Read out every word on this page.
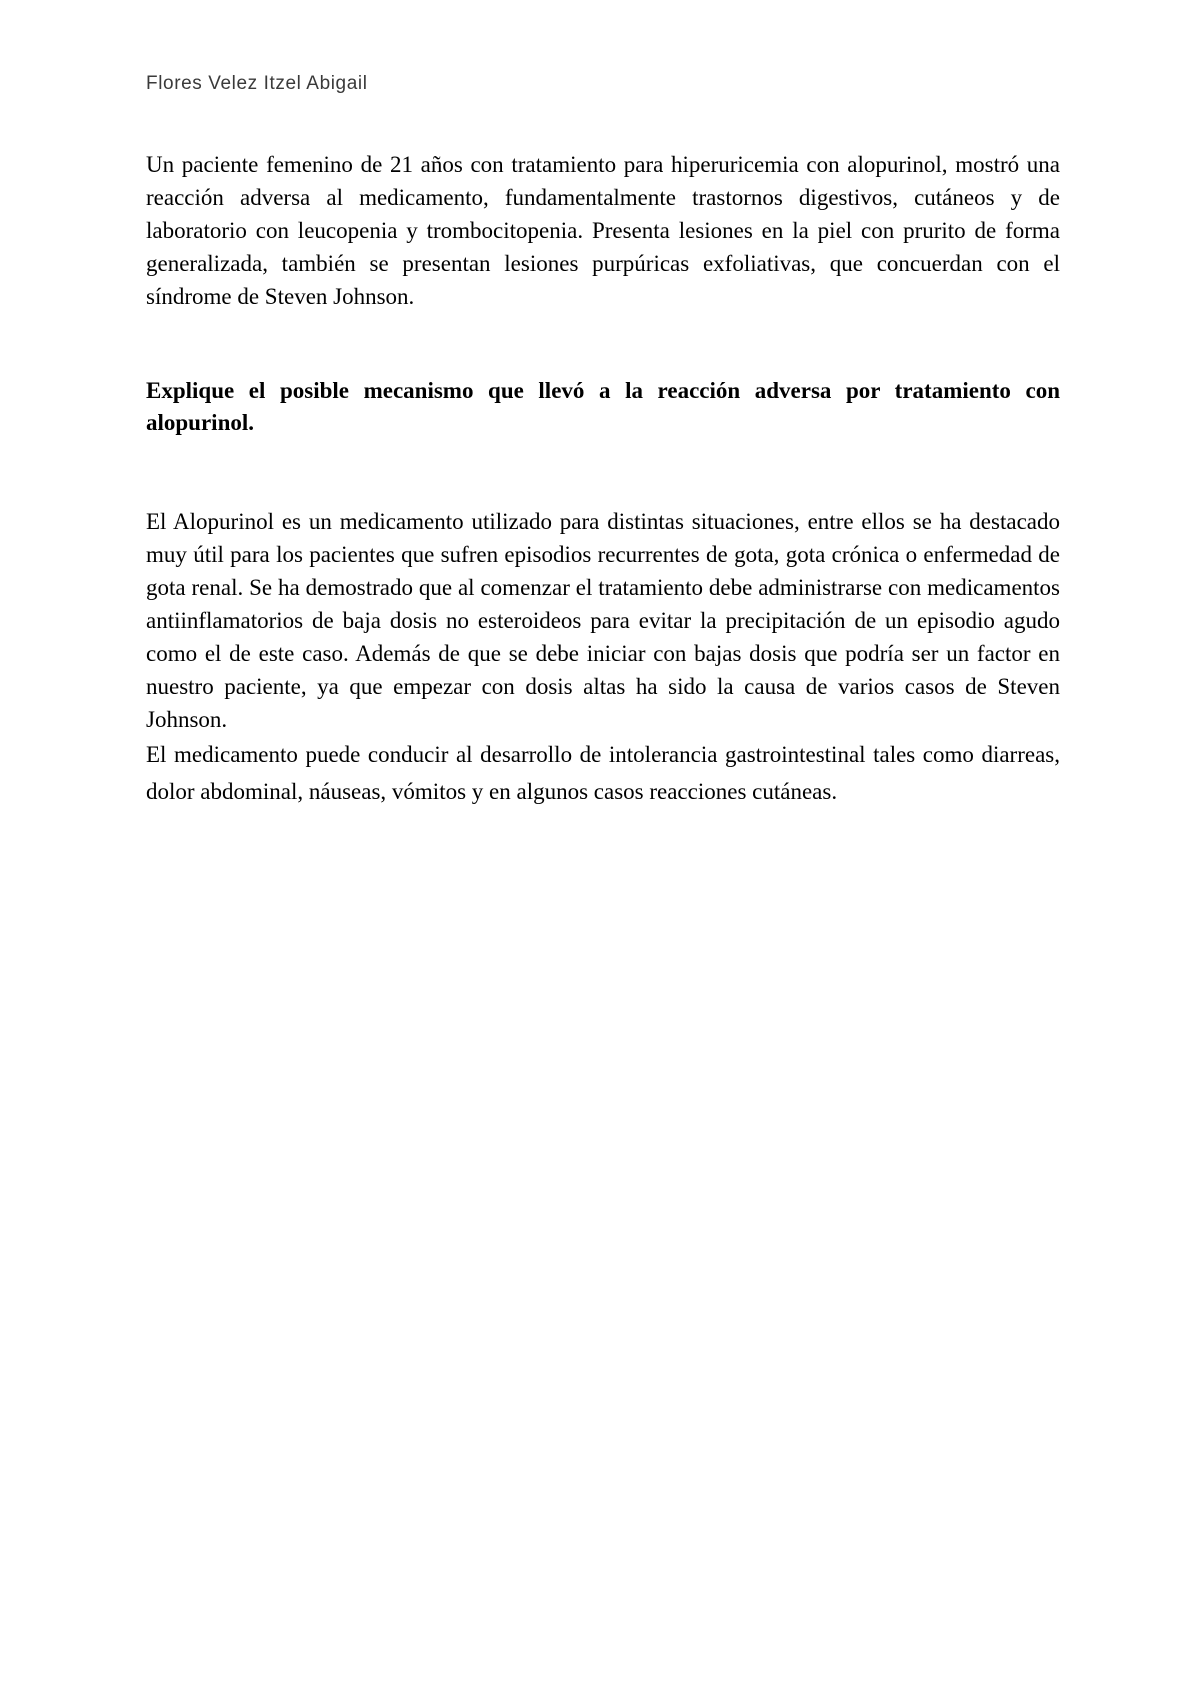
Flores Velez Itzel Abigail

Un paciente femenino de 21 años con tratamiento para hiperuricemia con alopurinol, mostró una reacción adversa al medicamento, fundamentalmente trastornos digestivos, cutáneos y de laboratorio con leucopenia y trombocitopenia. Presenta lesiones en la piel con prurito de forma generalizada, también se presentan lesiones purpúricas exfoliativas, que concuerdan con el síndrome de Steven Johnson.

Explique el posible mecanismo que llevó a la reacción adversa por tratamiento con alopurinol.

El Alopurinol es un medicamento utilizado para distintas situaciones, entre ellos se ha destacado muy útil para los pacientes que sufren episodios recurrentes de gota, gota crónica o enfermedad de gota renal. Se ha demostrado que al comenzar el tratamiento debe administrarse con medicamentos antiinflamatorios de baja dosis no esteroideos para evitar la precipitación de un episodio agudo como el de este caso. Además de que se debe iniciar con bajas dosis que podría ser un factor en nuestro paciente, ya que empezar con dosis altas ha sido la causa de varios casos de Steven Johnson.

El medicamento puede conducir al desarrollo de intolerancia gastrointestinal tales como diarreas, dolor abdominal, náuseas, vómitos y en algunos casos reacciones cutáneas.
